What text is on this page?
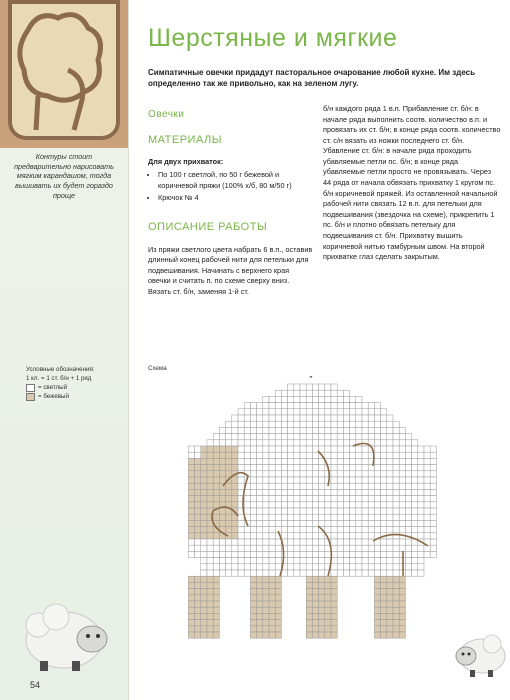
Контуры стоит предварительно нарисовать мягким карандашом, тогда вышивать их будет гораздо проще
Условные обозначения:
1 кл. = 1 ст. б/н + 1 ряд
= светлый
= бежевый
54
Шерстяные и мягкие
Симпатичные овечки придадут пасторальное очарование любой кухне. Им здесь определенно так же привольно, как на зеленом лугу.
Овечки
МАТЕРИАЛЫ
Для двух прихваток:
• По 100 г светлой, по 50 г бежевой и коричневой пряжи (100% х/б, 80 м/50 г)
• Крючок № 4
ОПИСАНИЕ РАБОТЫ
Из пряжи светлого цвета набрать 6 в.п., оставив длинный конец рабочей нити для петельки для подвешивания. Начинать с верхнего края овечки и считать п. по схеме сверху вниз. Вязать ст. б/н, заменяя 1-й ст.
б/н каждого ряда 1 в.п. Прибавление ст. б/н: в начале ряда выполнить соотв. количество в.п. и провязать их ст. б/н; в конце ряда соотв. количество ст. с/н вязать из ножки последнего ст. б/н. Убавление ст. б/н: в начале ряда проходить убавляемые петли пс. б/н; в конце ряда убавляемые петли просто не провязывать. Через 44 ряда от начала обвязать прихватку 1 кругом пс. б/н коричневой пряжей. Из оставленной начальной рабочей нити связать 12 в.п. для петельки для подвешивания (звездочка на схеме), прикрепить 1 пс. б/н и плотно обвязать петельку для подвешивания ст. б/н. Прихватку вышить коричневой нитью тамбурным швом. На второй прихватке глаз сделать закрытым.
Схема
*
